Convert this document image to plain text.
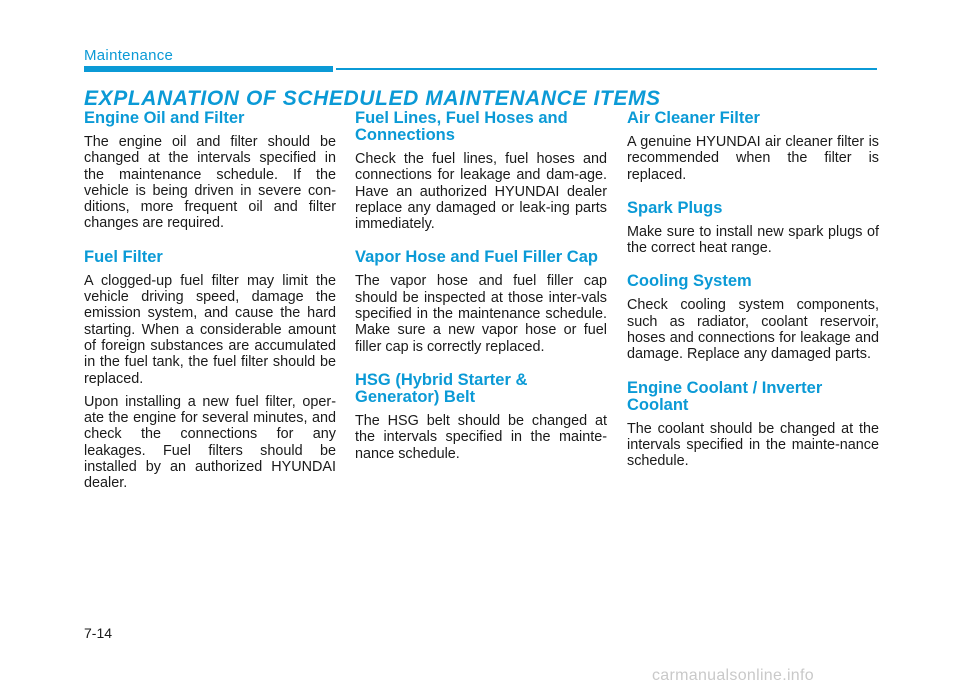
Maintenance
EXPLANATION OF SCHEDULED MAINTENANCE ITEMS
Engine Oil and Filter

The engine oil and filter should be changed at the intervals specified in the maintenance schedule. If the vehicle is being driven in severe con-ditions, more frequent oil and filter changes are required.

Fuel Filter

A clogged-up fuel filter may limit the vehicle driving speed, damage the emission system, and cause the hard starting. When a considerable amount of foreign substances are accumulated in the fuel tank, the fuel filter should be replaced.

Upon installing a new fuel filter, oper-ate the engine for several minutes, and check the connections for any leakages. Fuel filters should be installed by an authorized HYUNDAI dealer.

Fuel Lines, Fuel Hoses and Connections

Check the fuel lines, fuel hoses and connections for leakage and dam-age. Have an authorized HYUNDAI dealer replace any damaged or leak-ing parts immediately.

Vapor Hose and Fuel Filler Cap

The vapor hose and fuel filler cap should be inspected at those inter-vals specified in the maintenance schedule. Make sure a new vapor hose or fuel filler cap is correctly replaced.

HSG (Hybrid Starter & Generator) Belt

The HSG belt should be changed at the intervals specified in the mainte-nance schedule.

Air Cleaner Filter

A genuine HYUNDAI air cleaner filter is recommended when the filter is replaced.

Spark Plugs

Make sure to install new spark plugs of the correct heat range.

Cooling System

Check cooling system components, such as radiator, coolant reservoir, hoses and connections for leakage and damage. Replace any damaged parts.

Engine Coolant / Inverter Coolant

The coolant should be changed at the intervals specified in the mainte-nance schedule.

7-14
carmanualsonline.info
